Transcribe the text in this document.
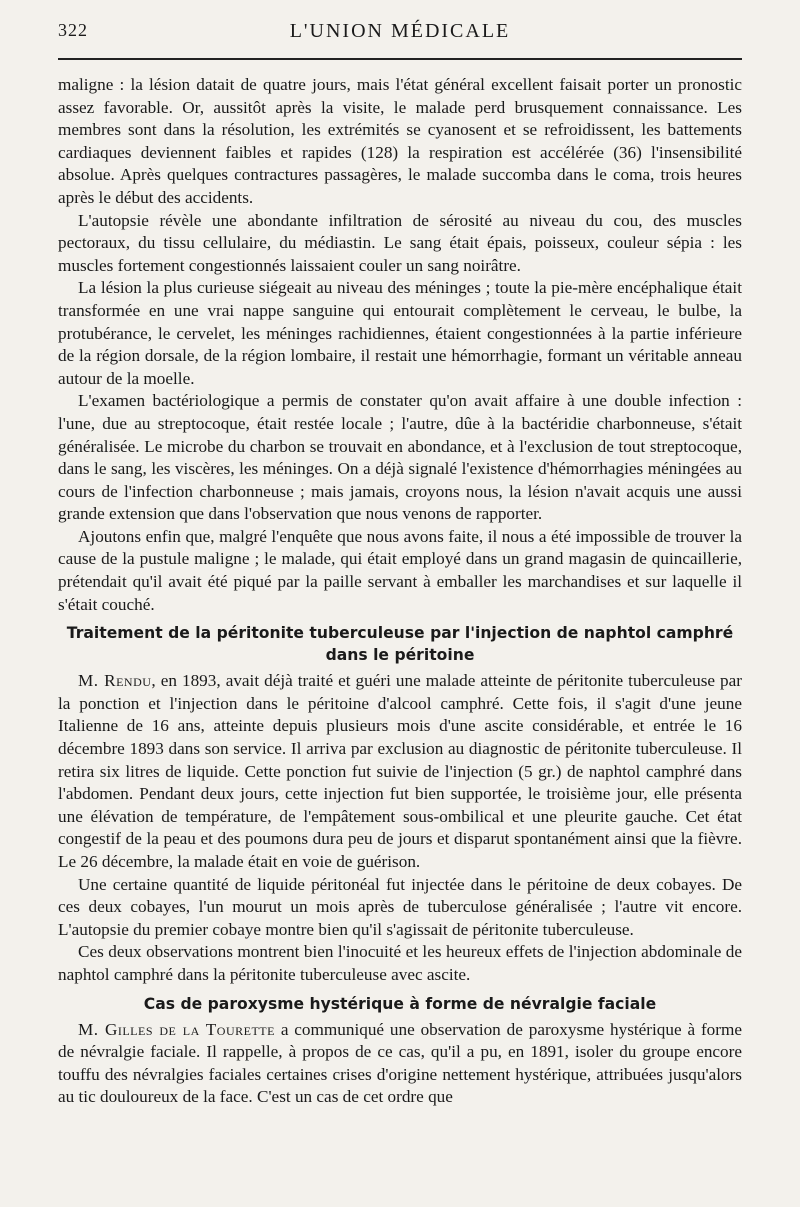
322	L'UNION MÉDICALE

maligne : la lésion datait de quatre jours, mais l'état général excellent faisait porter un pronostic assez favorable. Or, aussitôt après la visite, le malade perd brusquement connaissance. Les membres sont dans la résolution, les extrémités se cyanosent et se refroidissent, les battements cardiaques deviennent faibles et rapides (128) la respiration est accélérée (36) l'insensibilité absolue. Après quelques contractures passagères, le malade succomba dans le coma, trois heures après le début des accidents.

L'autopsie révèle une abondante infiltration de sérosité au niveau du cou, des muscles pectoraux, du tissu cellulaire, du médiastin. Le sang était épais, poisseux, couleur sépia : les muscles fortement congestionnés laissaient couler un sang noirâtre.

La lésion la plus curieuse siégeait au niveau des méninges ; toute la pie-mère encéphalique était transformée en une vrai nappe sanguine qui entourait complètement le cerveau, le bulbe, la protubérance, le cervelet, les méninges rachidiennes, étaient congestionnées à la partie inférieure de la région dorsale, de la région lombaire, il restait une hémorrhagie, formant un véritable anneau autour de la moelle.

L'examen bactériologique a permis de constater qu'on avait affaire à une double infection : l'une, due au streptocoque, était restée locale ; l'autre, dûe à la bactéridie charbonneuse, s'était généralisée. Le microbe du charbon se trouvait en abondance, et à l'exclusion de tout streptocoque, dans le sang, les viscères, les méninges. On a déjà signalé l'existence d'hémorrhagies méningées au cours de l'infection charbonneuse ; mais jamais, croyons nous, la lésion n'avait acquis une aussi grande extension que dans l'observation que nous venons de rapporter.

Ajoutons enfin que, malgré l'enquête que nous avons faite, il nous a été impossible de trouver la cause de la pustule maligne ; le malade, qui était employé dans un grand magasin de quincaillerie, prétendait qu'il avait été piqué par la paille servant à emballer les marchandises et sur laquelle il s'était couché.

Traitement de la péritonite tuberculeuse par l'injection de naphtol camphré dans le péritoine

M. Rendu, en 1893, avait déjà traité et guéri une malade atteinte de péritonite tuberculeuse par la ponction et l'injection dans le péritoine d'alcool camphré. Cette fois, il s'agit d'une jeune Italienne de 16 ans, atteinte depuis plusieurs mois d'une ascite considérable, et entrée le 16 décembre 1893 dans son service. Il arriva par exclusion au diagnostic de péritonite tuberculeuse. Il retira six litres de liquide. Cette ponction fut suivie de l'injection (5 gr.) de naphtol camphré dans l'abdomen. Pendant deux jours, cette injection fut bien supportée, le troisième jour, elle présenta une élévation de température, de l'empâtement sous-ombilical et une pleurite gauche. Cet état congestif de la peau et des poumons dura peu de jours et disparut spontanément ainsi que la fièvre. Le 26 décembre, la malade était en voie de guérison.

Une certaine quantité de liquide péritonéal fut injectée dans le péritoine de deux cobayes. De ces deux cobayes, l'un mourut un mois après de tuberculose généralisée ; l'autre vit encore. L'autopsie du premier cobaye montre bien qu'il s'agissait de péritonite tuberculeuse.

Ces deux observations montrent bien l'inocuité et les heureux effets de l'injection abdominale de naphtol camphré dans la péritonite tuberculeuse avec ascite.

Cas de paroxysme hystérique à forme de névralgie faciale

M. Gilles de la Tourette a communiqué une observation de paroxysme hystérique à forme de névralgie faciale. Il rappelle, à propos de ce cas, qu'il a pu, en 1891, isoler du groupe encore touffu des névralgies faciales certaines crises d'origine nettement hystérique, attribuées jusqu'alors au tic douloureux de la face. C'est un cas de cet ordre que
